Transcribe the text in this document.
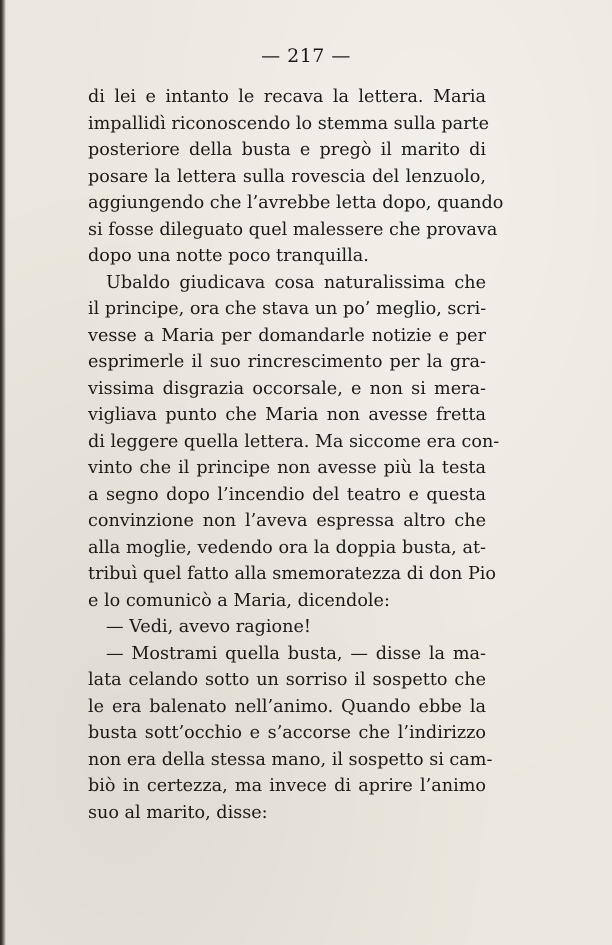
— 217 —
di lei e intanto le recava la lettera. Maria
impallidì riconoscendo lo stemma sulla parte
posteriore della busta e pregò il marito di
posare la lettera sulla rovescia del lenzuolo,
aggiungendo che l’avrebbe letta dopo, quando
si fosse dileguato quel malessere che provava
dopo una notte poco tranquilla.
Ubaldo giudicava cosa naturalissima che
il principe, ora che stava un po’ meglio, scri-
vesse a Maria per domandarle notizie e per
esprimerle il suo rincrescimento per la gra-
vissima disgrazia occorsale, e non si mera-
vigliava punto che Maria non avesse fretta
di leggere quella lettera. Ma siccome era con-
vinto che il principe non avesse più la testa
a segno dopo l’incendio del teatro e questa
convinzione non l’aveva espressa altro che
alla moglie, vedendo ora la doppia busta, at-
tribuì quel fatto alla smemoratezza di don Pio
e lo comunicò a Maria, dicendole:
— Vedi, avevo ragione!
— Mostrami quella busta, — disse la ma-
lata celando sotto un sorriso il sospetto che
le era balenato nell’animo. Quando ebbe la
busta sott’occhio e s’accorse che l’indirizzo
non era della stessa mano, il sospetto si cam-
biò in certezza, ma invece di aprire l’animo
suo al marito, disse:
